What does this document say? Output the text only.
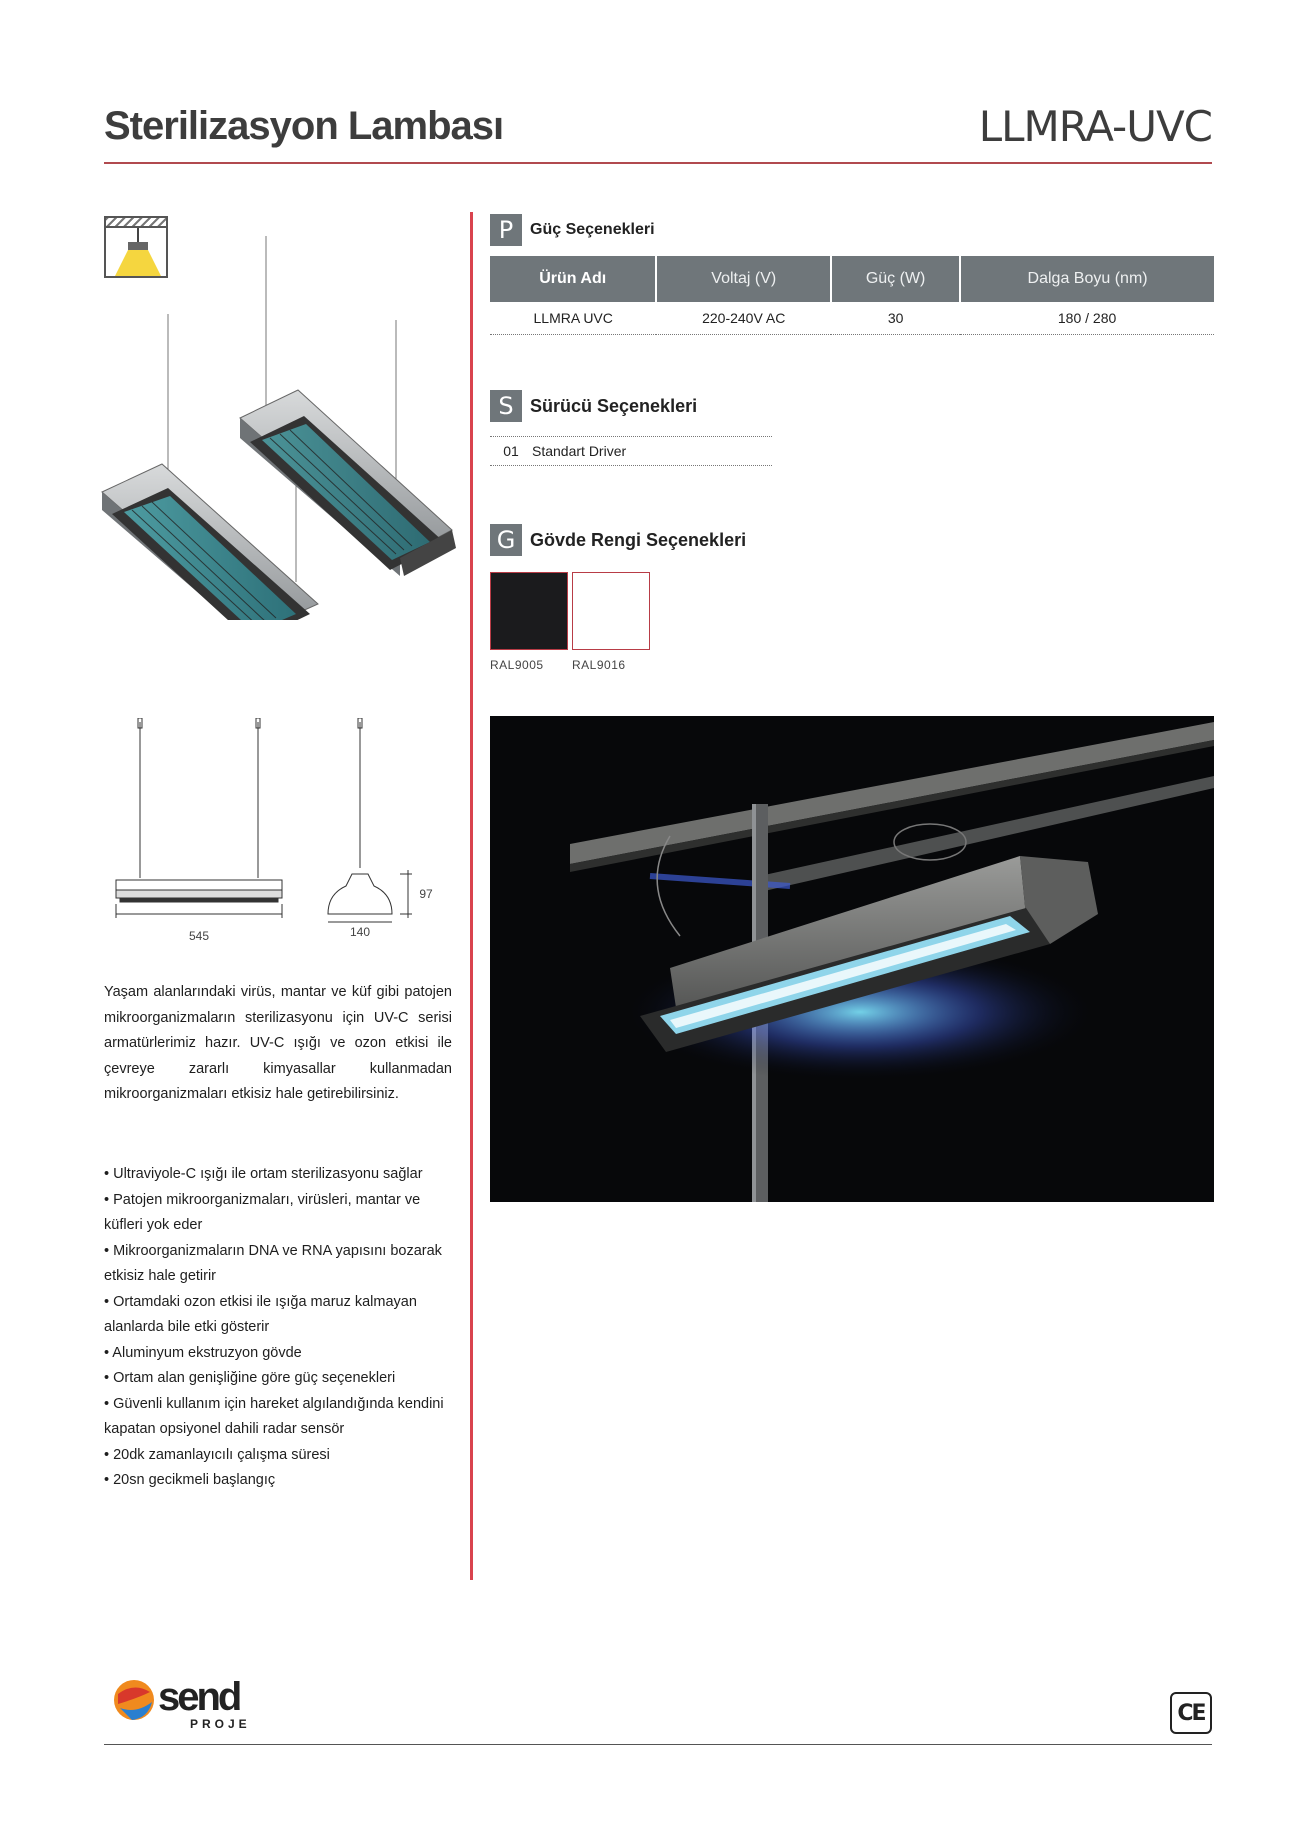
Sterilizasyon Lambası	LLMRA-UVC
545	140
97

Yaşam alanlarındaki virüs, mantar ve küf gibi patojen mikroorganizmaların sterilizasyonu için UV-C serisi armatürlerimiz hazır. UV-C ışığı ve ozon etkisi ile çevreye zararlı kimyasallar kullanmadan mikroorganizmaları etkisiz hale getirebilirsiniz.

• Ultraviyole-C ışığı ile ortam sterilizasyonu sağlar
• Patojen mikroorganizmaları, virüsleri, mantar ve küfleri yok eder
• Mikroorganizmaların DNA ve RNA yapısını bozarak etkisiz hale getirir
• Ortamdaki ozon etkisi ile ışığa maruz kalmayan alanlarda bile etki gösterir
• Aluminyum ekstruzyon gövde
• Ortam alan genişliğine göre güç seçenekleri
• Güvenli kullanım için hareket algılandığında kendini kapatan opsiyonel dahili radar sensör
• 20dk zamanlayıcılı çalışma süresi
• 20sn gecikmeli başlangıç
P	Güç Seçenekleri
Ürün Adı	Voltaj (V)	Güç (W)	Dalga Boyu (nm)
LLMRA UVC	220-240V AC	30	180 / 280
S Sürücü Seçenekleri
01 Standart Driver
G Gövde Rengi Seçenekleri
RAL9005 RAL9016
send
PROJE	CE
